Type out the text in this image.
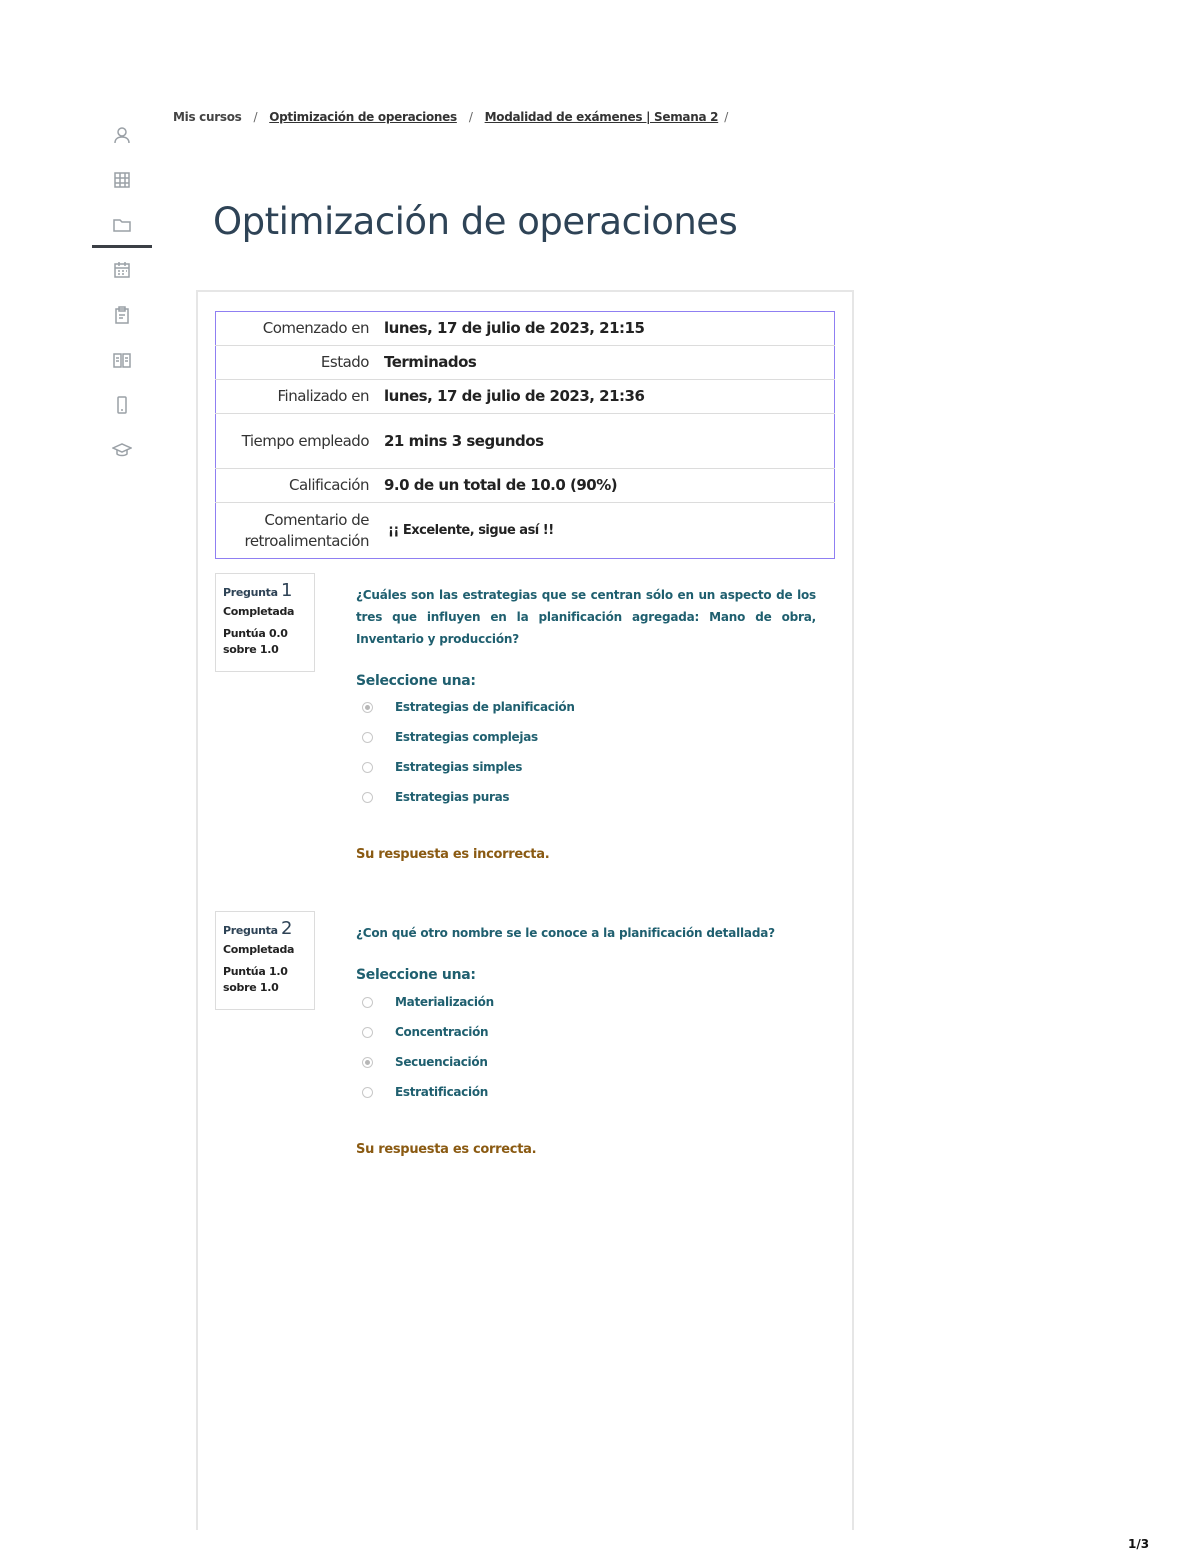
Mis cursos / Optimización de operaciones / Modalidad de exámenes | Semana 2 /
Optimización de operaciones
Comenzado en	lunes, 17 de julio de 2023, 21:15
Estado	Terminados
Finalizado en	lunes, 17 de julio de 2023, 21:36
Tiempo empleado	21 mins 3 segundos
Calificación	9.0 de un total de 10.0 (90%)
Comentario de retroalimentación	¡¡ Excelente, sigue así !!
Pregunta 1
Completada
Puntúa 0.0 sobre 1.0
¿Cuáles son las estrategias que se centran sólo en un aspecto de los tres que influyen en la planificación agregada: Mano de obra, Inventario y producción?
Seleccione una:
Estrategias de planificación
Estrategias complejas
Estrategias simples
Estrategias puras
Su respuesta es incorrecta.
Pregunta 2
Completada
Puntúa 1.0 sobre 1.0
¿Con qué otro nombre se le conoce a la planificación detallada?
Seleccione una:
Materialización
Concentración
Secuenciación
Estratificación
Su respuesta es correcta.
1/3
